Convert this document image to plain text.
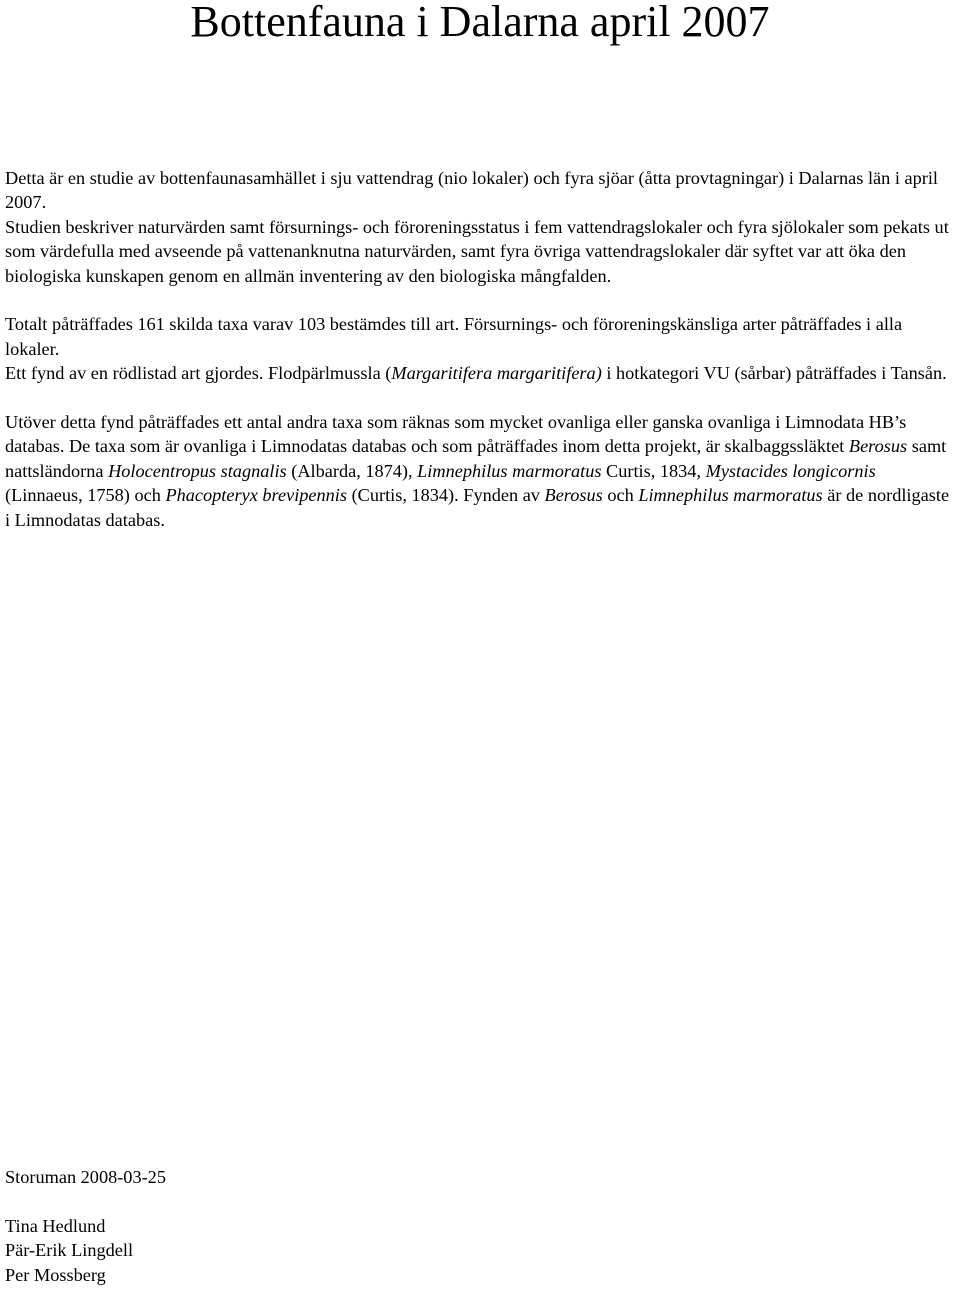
Bottenfauna i Dalarna april 2007

Detta är en studie av bottenfaunasamhället i sju vattendrag (nio lokaler) och fyra sjöar (åtta provtagningar) i Dalarnas län i april 2007.
Studien beskriver naturvärden samt försurnings- och föroreningsstatus i fem vattendragslokaler och fyra sjölokaler som pekats ut som värdefulla med avseende på vattenanknutna naturvärden, samt fyra övriga vattendragslokaler där syftet var att öka den biologiska kunskapen genom en allmän inventering av den biologiska mångfalden.

Totalt påträffades 161 skilda taxa varav 103 bestämdes till art. Försurnings- och föroreningskänsliga arter påträffades i alla lokaler.
Ett fynd av en rödlistad art gjordes. Flodpärlmussla (Margaritifera margaritifera) i hotkategori VU (sårbar) påträffades i Tansån.

Utöver detta fynd påträffades ett antal andra taxa som räknas som mycket ovanliga eller ganska ovanliga i Limnodata HB’s databas. De taxa som är ovanliga i Limnodatas databas och som påträffades inom detta projekt, är skalbaggssläktet Berosus samt nattsländorna Holocentropus stagnalis (Albarda, 1874), Limnephilus marmoratus Curtis, 1834, Mystacides longicornis (Linnaeus, 1758) och Phacopteryx brevipennis (Curtis, 1834). Fynden av Berosus och Limnephilus marmoratus är de nordligaste i Limnodatas databas.

Storuman 2008-03-25

Tina Hedlund

Pär-Erik Lingdell

Per Mossberg
